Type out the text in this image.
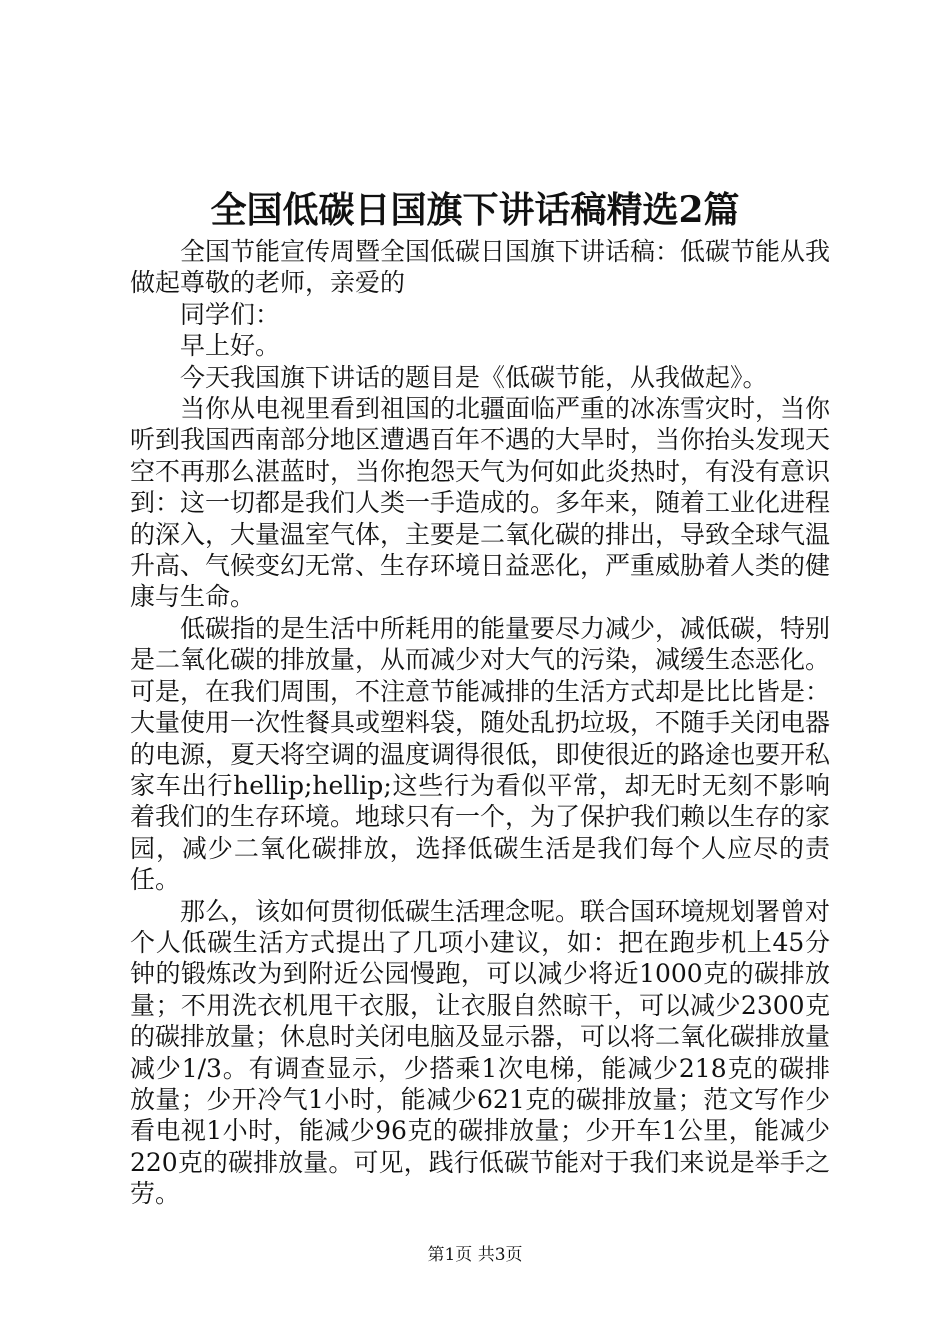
全国低碳日国旗下讲话稿精选2篇

全国节能宣传周暨全国低碳日国旗下讲话稿：低碳节能从我做起尊敬的老师，亲爱的

同学们：

早上好。

今天我国旗下讲话的题目是《低碳节能，从我做起》。

当你从电视里看到祖国的北疆面临严重的冰冻雪灾时，当你听到我国西南部分地区遭遇百年不遇的大旱时，当你抬头发现天空不再那么湛蓝时，当你抱怨天气为何如此炎热时，有没有意识到：这一切都是我们人类一手造成的。多年来，随着工业化进程的深入，大量温室气体，主要是二氧化碳的排出，导致全球气温升高、气候变幻无常、生存环境日益恶化，严重威胁着人类的健康与生命。

低碳指的是生活中所耗用的能量要尽力减少，减低碳，特别是二氧化碳的排放量，从而减少对大气的污染，减缓生态恶化。可是，在我们周围，不注意节能减排的生活方式却是比比皆是：大量使用一次性餐具或塑料袋，随处乱扔垃圾，不随手关闭电器的电源，夏天将空调的温度调得很低，即使很近的路途也要开私家车出行hellip;hellip;这些行为看似平常，却无时无刻不影响着我们的生存环境。地球只有一个，为了保护我们赖以生存的家园，减少二氧化碳排放，选择低碳生活是我们每个人应尽的责任。

那么，该如何贯彻低碳生活理念呢。联合国环境规划署曾对个人低碳生活方式提出了几项小建议，如：把在跑步机上45分钟的锻炼改为到附近公园慢跑，可以减少将近1000克的碳排放量；不用洗衣机甩干衣服，让衣服自然晾干，可以减少2300克的碳排放量；休息时关闭电脑及显示器，可以将二氧化碳排放量减少1/3。有调查显示，少搭乘1次电梯，能减少218克的碳排放量；少开冷气1小时，能减少621克的碳排放量；范文写作少看电视1小时，能减少96克的碳排放量；少开车1公里，能减少220克的碳排放量。可见，践行低碳节能对于我们来说是举手之劳。

第1页 共3页
